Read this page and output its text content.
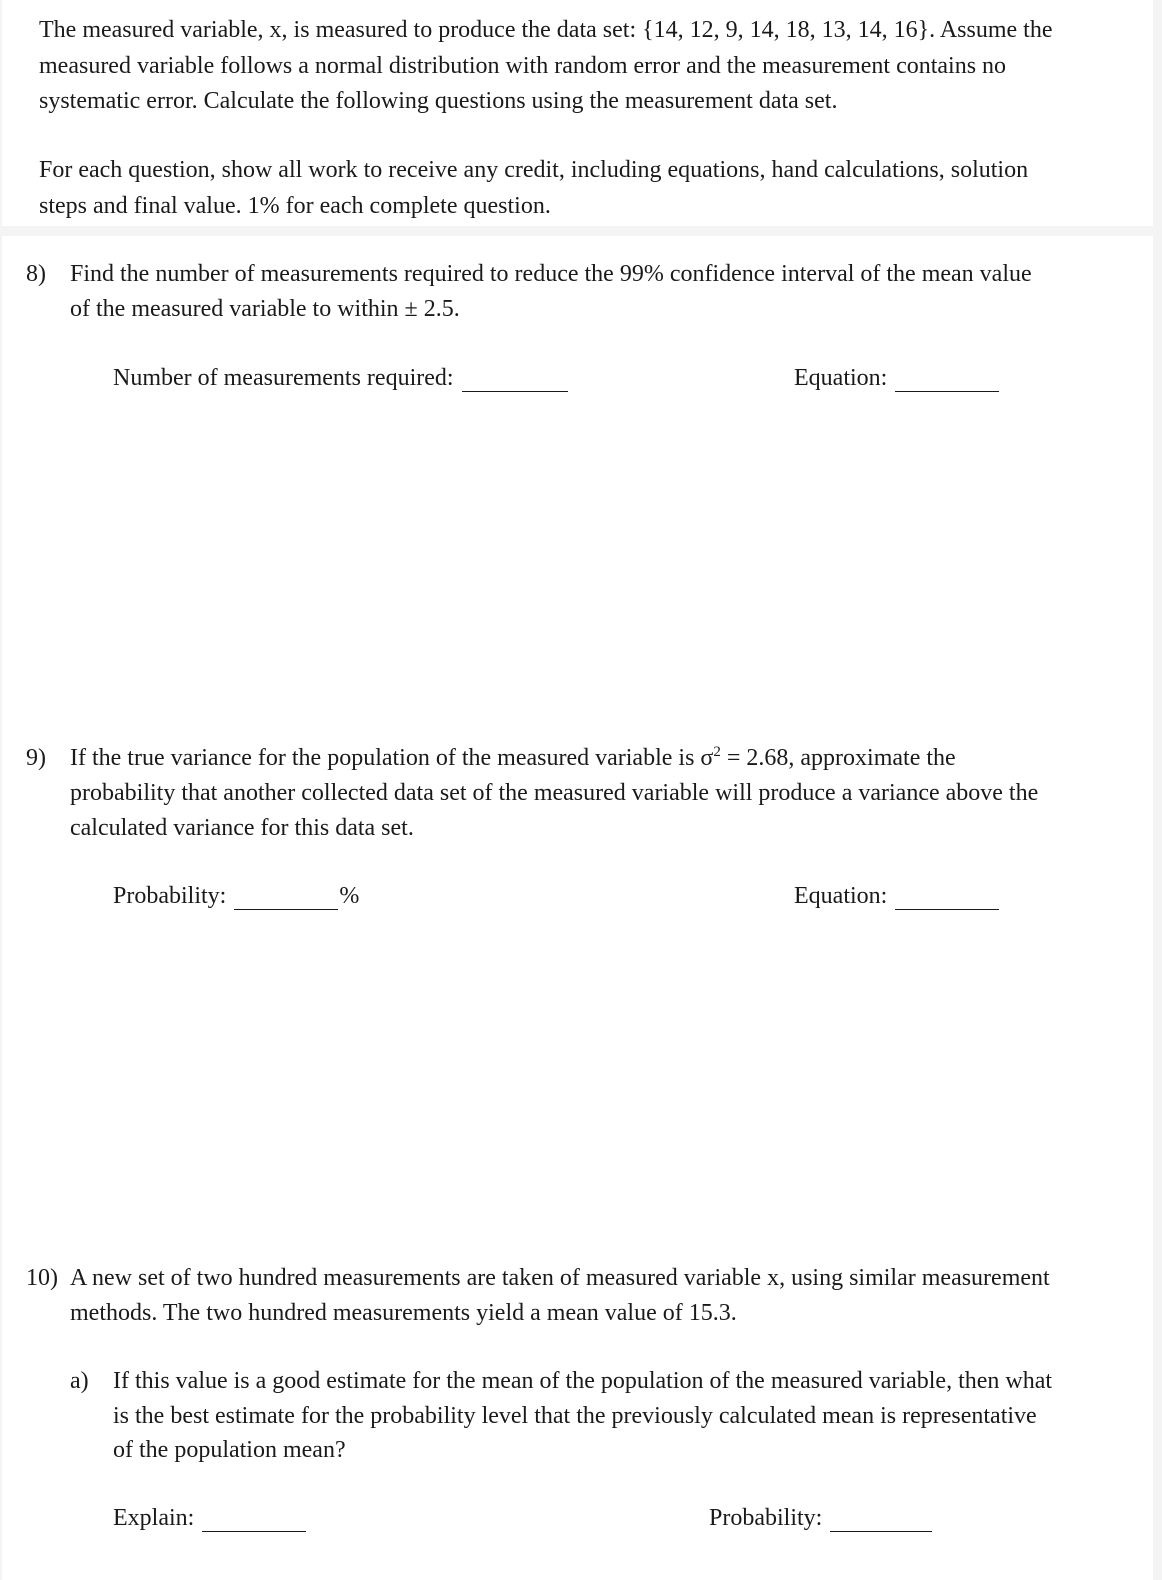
The measured variable, x, is measured to produce the data set: {14, 12, 9, 14, 18, 13, 14, 16}. Assume the
measured variable follows a normal distribution with random error and the measurement contains no
systematic error. Calculate the following questions using the measurement data set.
For each question, show all work to receive any credit, including equations, hand calculations, solution
steps and final value. 1% for each complete question.
8) Find the number of measurements required to reduce the 99% confidence interval of the mean value
of the measured variable to within ± 2.5.
Number of measurements required:	Equation:
9) If the true variance for the population of the measured variable is $\sigma^2 = 2.68$, approximate the
probability that another collected data set of the measured variable will produce a variance above the
calculated variance for this data set.
Probability:	%	Equation:
10) A new set of two hundred measurements are taken of measured variable x, using similar measurement
methods. The two hundred measurements yield a mean value of 15.3.
a) If this value is a good estimate for the mean of the population of the measured variable, then what
is the best estimate for the probability level that the previously calculated mean is representative
of the population mean?
Explain:	Probability:
